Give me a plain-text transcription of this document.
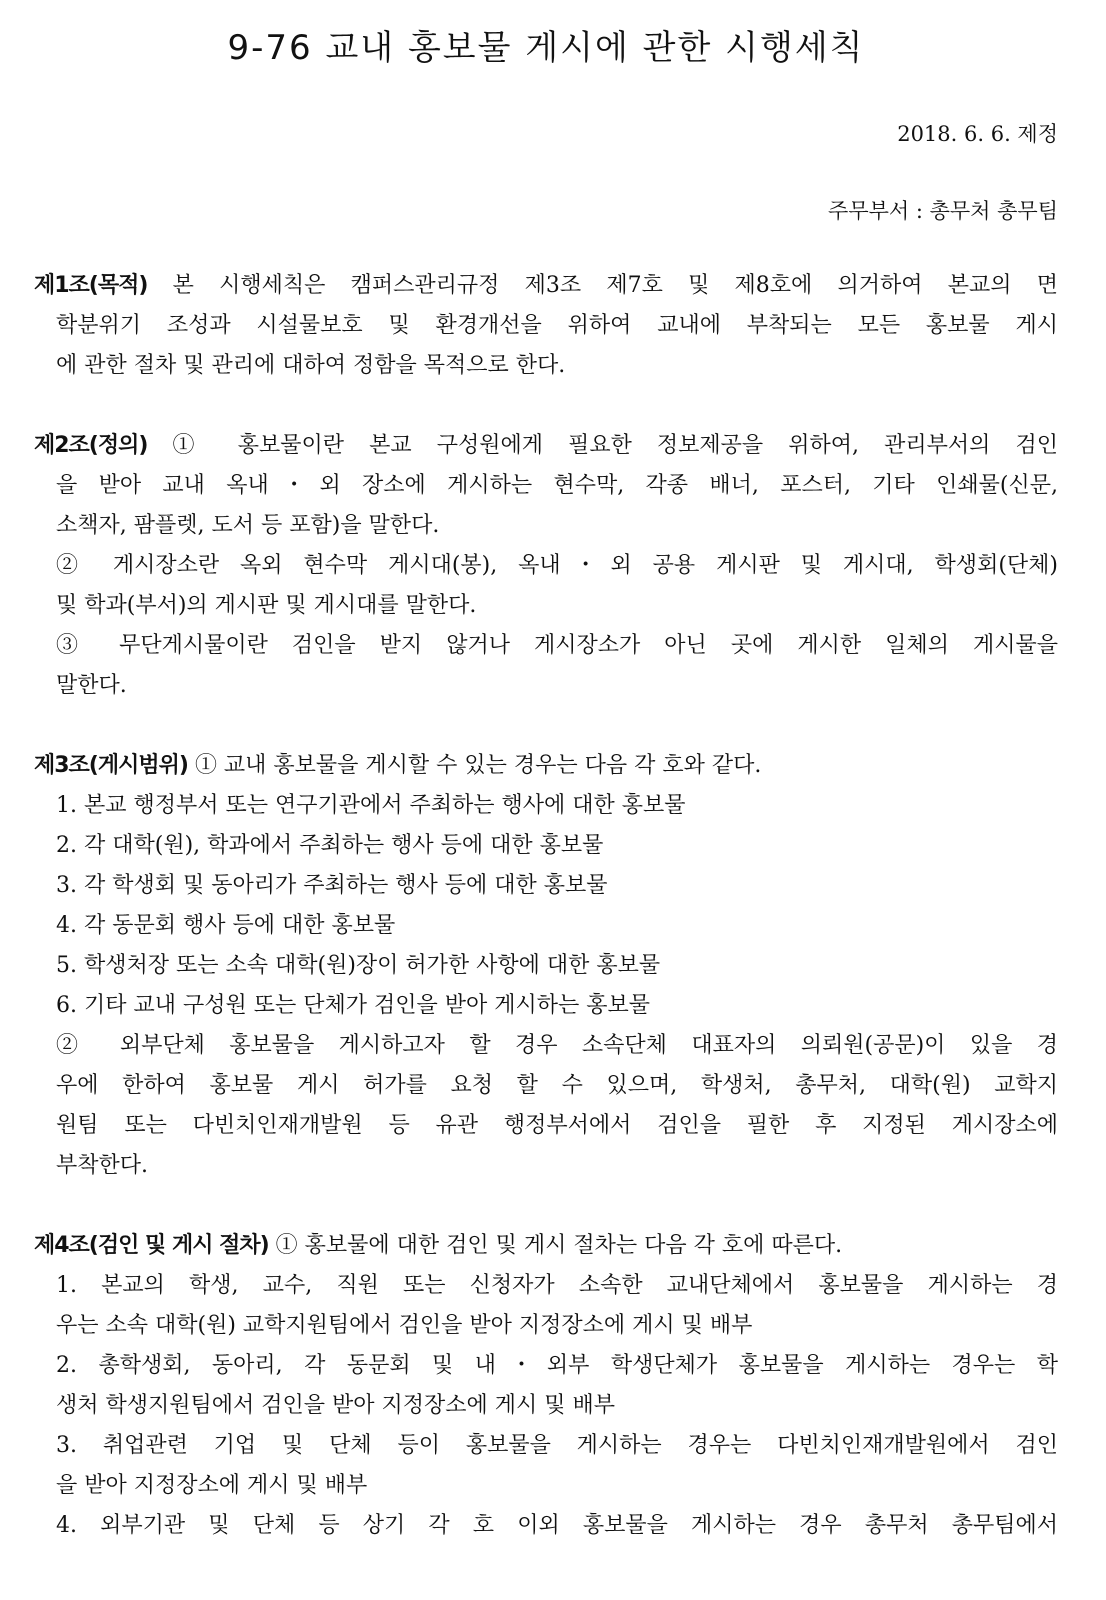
9-76 교내 홍보물 게시에 관한 시행세칙
2018. 6. 6. 제정
주무부서 : 총무처 총무팀
제1조(목적) 본 시행세칙은 캠퍼스관리규정 제3조 제7호 및 제8호에 의거하여 본교의 면
학분위기 조성과 시설물보호 및 환경개선을 위하여 교내에 부착되는 모든 홍보물 게시
에 관한 절차 및 관리에 대하여 정함을 목적으로 한다.
제2조(정의) ① 홍보물이란 본교 구성원에게 필요한 정보제공을 위하여, 관리부서의 검인
을 받아 교내 옥내・외 장소에 게시하는 현수막, 각종 배너, 포스터, 기타 인쇄물(신문,
소책자, 팜플렛, 도서 등 포함)을 말한다.
② 게시장소란 옥외 현수막 게시대(봉), 옥내・외 공용 게시판 및 게시대, 학생회(단체)
및 학과(부서)의 게시판 및 게시대를 말한다.
③ 무단게시물이란 검인을 받지 않거나 게시장소가 아닌 곳에 게시한 일체의 게시물을
말한다.
제3조(게시범위) ① 교내 홍보물을 게시할 수 있는 경우는 다음 각 호와 같다.
1. 본교 행정부서 또는 연구기관에서 주최하는 행사에 대한 홍보물
2. 각 대학(원), 학과에서 주최하는 행사 등에 대한 홍보물
3. 각 학생회 및 동아리가 주최하는 행사 등에 대한 홍보물
4. 각 동문회 행사 등에 대한 홍보물
5. 학생처장 또는 소속 대학(원)장이 허가한 사항에 대한 홍보물
6. 기타 교내 구성원 또는 단체가 검인을 받아 게시하는 홍보물
② 외부단체 홍보물을 게시하고자 할 경우 소속단체 대표자의 의뢰원(공문)이 있을 경
우에 한하여 홍보물 게시 허가를 요청 할 수 있으며, 학생처, 총무처, 대학(원) 교학지
원팀 또는 다빈치인재개발원 등 유관 행정부서에서 검인을 필한 후 지정된 게시장소에
부착한다.
제4조(검인 및 게시 절차) ① 홍보물에 대한 검인 및 게시 절차는 다음 각 호에 따른다.
1. 본교의 학생, 교수, 직원 또는 신청자가 소속한 교내단체에서 홍보물을 게시하는 경
우는 소속 대학(원) 교학지원팀에서 검인을 받아 지정장소에 게시 및 배부
2. 총학생회, 동아리, 각 동문회 및 내・외부 학생단체가 홍보물을 게시하는 경우는 학
생처 학생지원팀에서 검인을 받아 지정장소에 게시 및 배부
3. 취업관련 기업 및 단체 등이 홍보물을 게시하는 경우는 다빈치인재개발원에서 검인
을 받아 지정장소에 게시 및 배부
4. 외부기관 및 단체 등 상기 각 호 이외 홍보물을 게시하는 경우 총무처 총무팀에서
